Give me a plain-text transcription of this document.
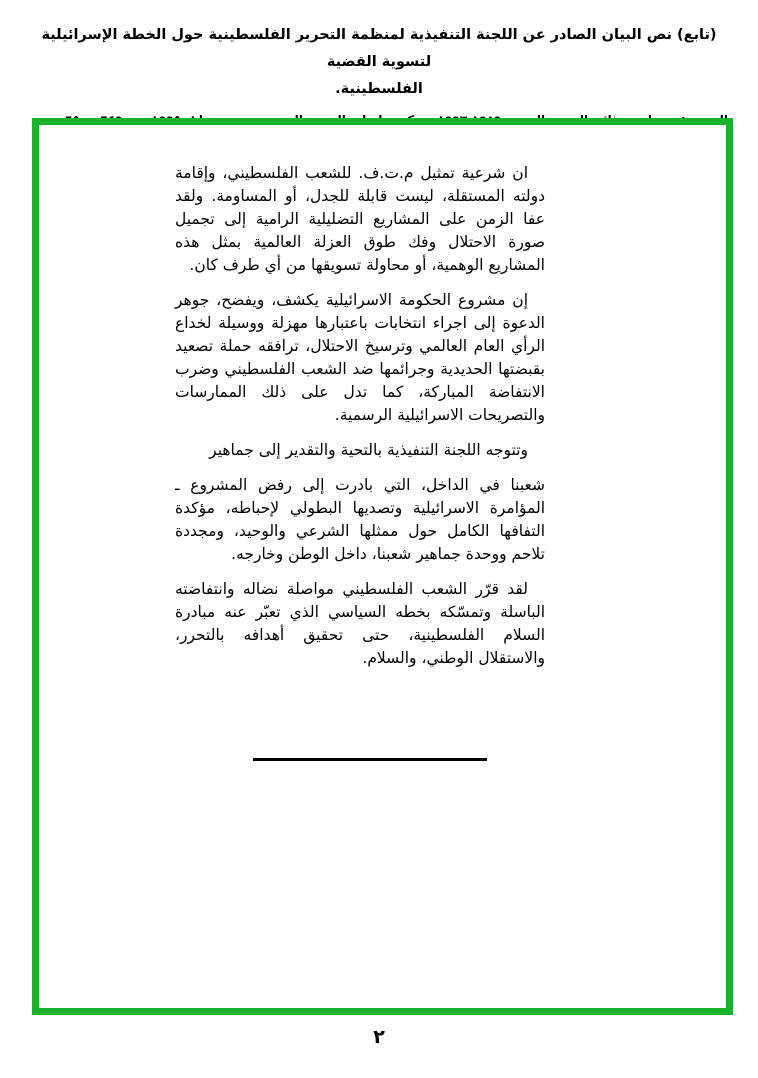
(تابع) نص البيان الصادر عن اللجنة التنفيذية لمنظمة التحرير الفلسطينية حول الخطة الإسرائيلية لتسوية القضية
الفلسطينية.

ان شرعية تمثيل م.ت.ف. للشعب الفلسطيني، وإقامة دولته المستقلة، ليست قابلة للجدل، أو المساومة. ولقد عفا الزمن على المشاريع التضليلية الرامية إلى تجميل صورة الاحتلال وفك طوق العزلة العالمية بمثل هذه المشاريع الوهمية، أو محاولة تسويقها من أي طرف كان.

إن مشروع الحكومة الاسرائيلية يكشف، ويفضح، جوهر الدعوة إلى اجراء انتخابات باعتبارها مهزلة ووسيلة لخداع الرأي العام العالمي وترسيخ الاحتلال، ترافقه حملة تصعيد بقبضتها الحديدية وجرائمها ضد الشعب الفلسطيني وضرب الانتفاضة المباركة، كما تدل على ذلك الممارسات والتصريحات الاسرائيلية الرسمية.

وتتوجه اللجنة التنفيذية بالتحية والتقدير إلى جماهير

شعبنا في الداخل، التي بادرت إلى رفض المشروع ـ المؤامرة الاسرائيلية وتصديها البطولي لإحباطه، مؤكدة التفافها الكامل حول ممثلها الشرعي والوحيد، ومجددة تلاحم ووحدة جماهير شعبنا، داخل الوطن وخارجه.

لقد قرّر الشعب الفلسطيني مواصلة نضاله وانتفاضته الباسلة وتمسّكه بخطه السياسي الذي تعبّر عنه مبادرة السلام الفلسطينية، حتى تحقيق أهدافه بالتحرر، والاستقلال الوطني، والسلام.

٢
